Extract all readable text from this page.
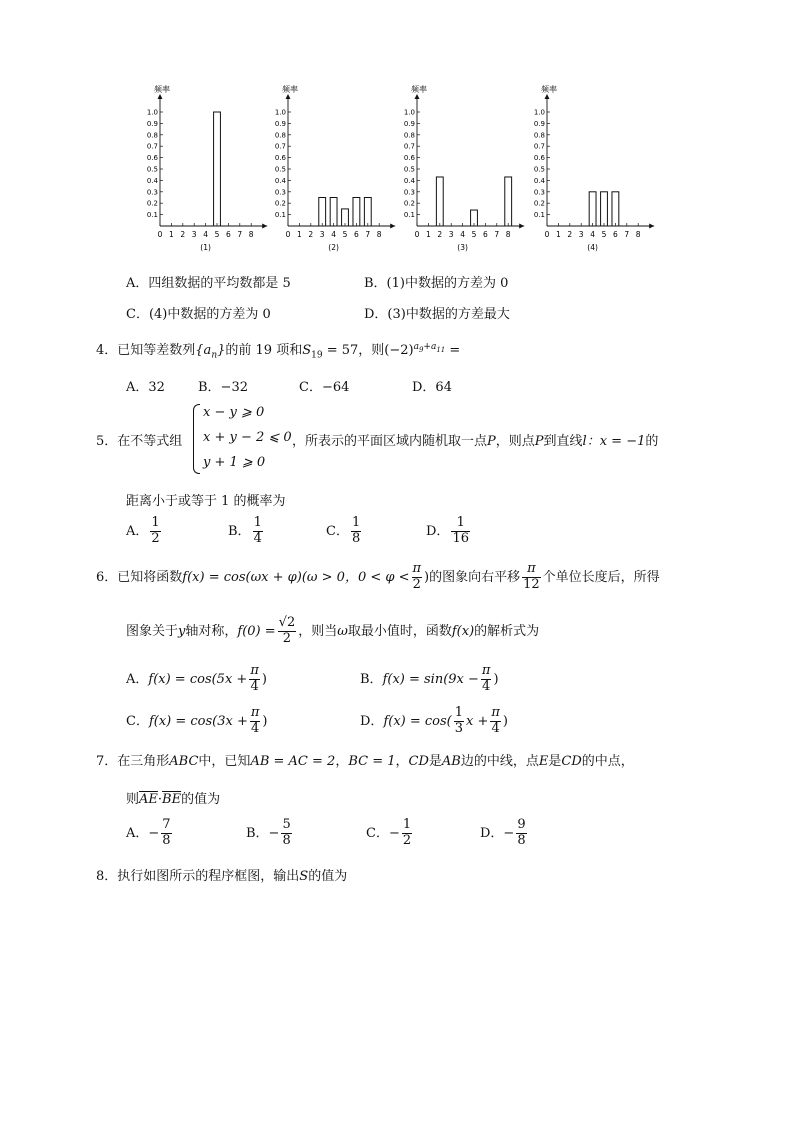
频率
0.1
0.2
0.3
0.4
0.5
0.6
0.7
0.8
0.9
1.0
0 1 2 3 4 5 6 7 8
(1)
频率
0.1
0.2
0.3
0.4
0.5
0.6
0.7
0.8
0.9
1.0
0 1 2 3 4 5 6 7 8
(2)
频率
0.1
0.2
0.3
0.4
0.5
0.6
0.7
0.8
0.9
1.0
0 1 2 3 4 5 6 7 8
(3)
频率
0.1
0.2
0.3
0.4
0.5
0.6
0.7
0.8
0.9
1.0
0 1 2 3 4 5 6 7 8
(4)
A．四组数据的平均数都是 5	B．(1)中数据的方差为 0
C．(4)中数据的方差为 0	D．(3)中数据的方差最大
4．已知等差数列$\{a_n\}$的前 19 项和$S_{19} = 57$，则$(-2)^{a_9+a_{11}}$ =
A．32	B．−32	C．−64	D．64
5．在不等式组
x − y ⩾ 0
x + y − 2 ⩽ 0
y + 1 ⩾ 0
，所表示的平面区域内随机取一点P，则点P到直线l：x = −1的
距离小于或等于 1 的概率为
A． $\frac{1}{2}$	B． $\frac{1}{4}$	C． $\frac{1}{8}$	D． $\frac{1}{16}$
6．已知将函数f(x) = cos(ωx + φ)(ω > 0，$0 < \varphi < \frac{\pi}{2}$ )的图象向右平移 $\frac{\pi}{12}$ 个单位长度后，所得
图象关于y轴对称，$f(0) = \frac{√2}{2}$ ，则当ω取最小值时，函数f(x)的解析式为
A．$f(x) = \cos(5x + \frac{\pi}{4}$ )	B．$f(x) = \sin(9x - \frac{\pi}{4}$ )
C．$f(x) = \cos(3x + \frac{\pi}{4}$ )	D．$f(x) = \cos( \frac{1}{3}$ $x + \frac{\pi}{4}$ )
7．在三角形ABC中，已知AB = AC = 2，BC = 1，CD是AB边的中线，点E是CD的中点，
则$\overline{AE}\cdot\overline{BE}$的值为
A．− $\frac{7}{8}$	B．− $\frac{5}{8}$	C．− $\frac{1}{2}$	D．− $\frac{9}{8}$
8．执行如图所示的程序框图，输出S的值为
